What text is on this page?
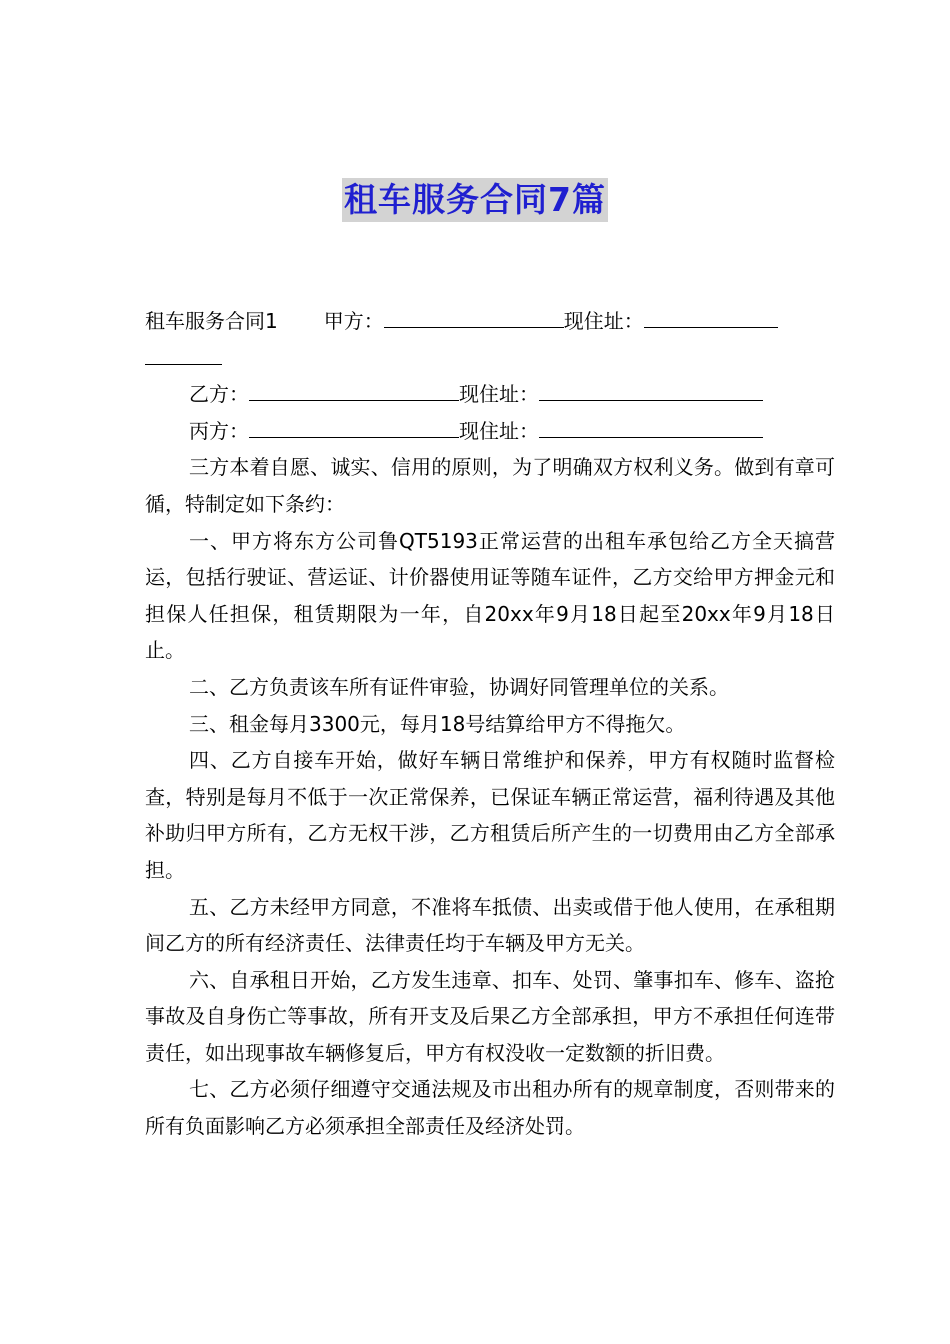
租车服务合同7篇

租车服务合同1 甲方：	现住址：

乙方：	现住址：

丙方：	现住址：

三方本着自愿、诚实、信用的原则，为了明确双方权利义务。做到有章可循，特制定如下条约：

一、甲方将东方公司鲁QT5193正常运营的出租车承包给乙方全天搞营运，包括行驶证、营运证、计价器使用证等随车证件，乙方交给甲方押金元和担保人任担保，租赁期限为一年，自20xx年9月18日起至20xx年9月18日止。

二、乙方负责该车所有证件审验，协调好同管理单位的关系。

三、租金每月3300元，每月18号结算给甲方不得拖欠。

四、乙方自接车开始，做好车辆日常维护和保养，甲方有权随时监督检查，特别是每月不低于一次正常保养，已保证车辆正常运营，福利待遇及其他补助归甲方所有，乙方无权干涉，乙方租赁后所产生的一切费用由乙方全部承担。

五、乙方未经甲方同意，不准将车抵债、出卖或借于他人使用，在承租期间乙方的所有经济责任、法律责任均于车辆及甲方无关。

六、自承租日开始，乙方发生违章、扣车、处罚、肇事扣车、修车、盗抢事故及自身伤亡等事故，所有开支及后果乙方全部承担，甲方不承担任何连带责任，如出现事故车辆修复后，甲方有权没收一定数额的折旧费。

七、乙方必须仔细遵守交通法规及市出租办所有的规章制度，否则带来的所有负面影响乙方必须承担全部责任及经济处罚。
